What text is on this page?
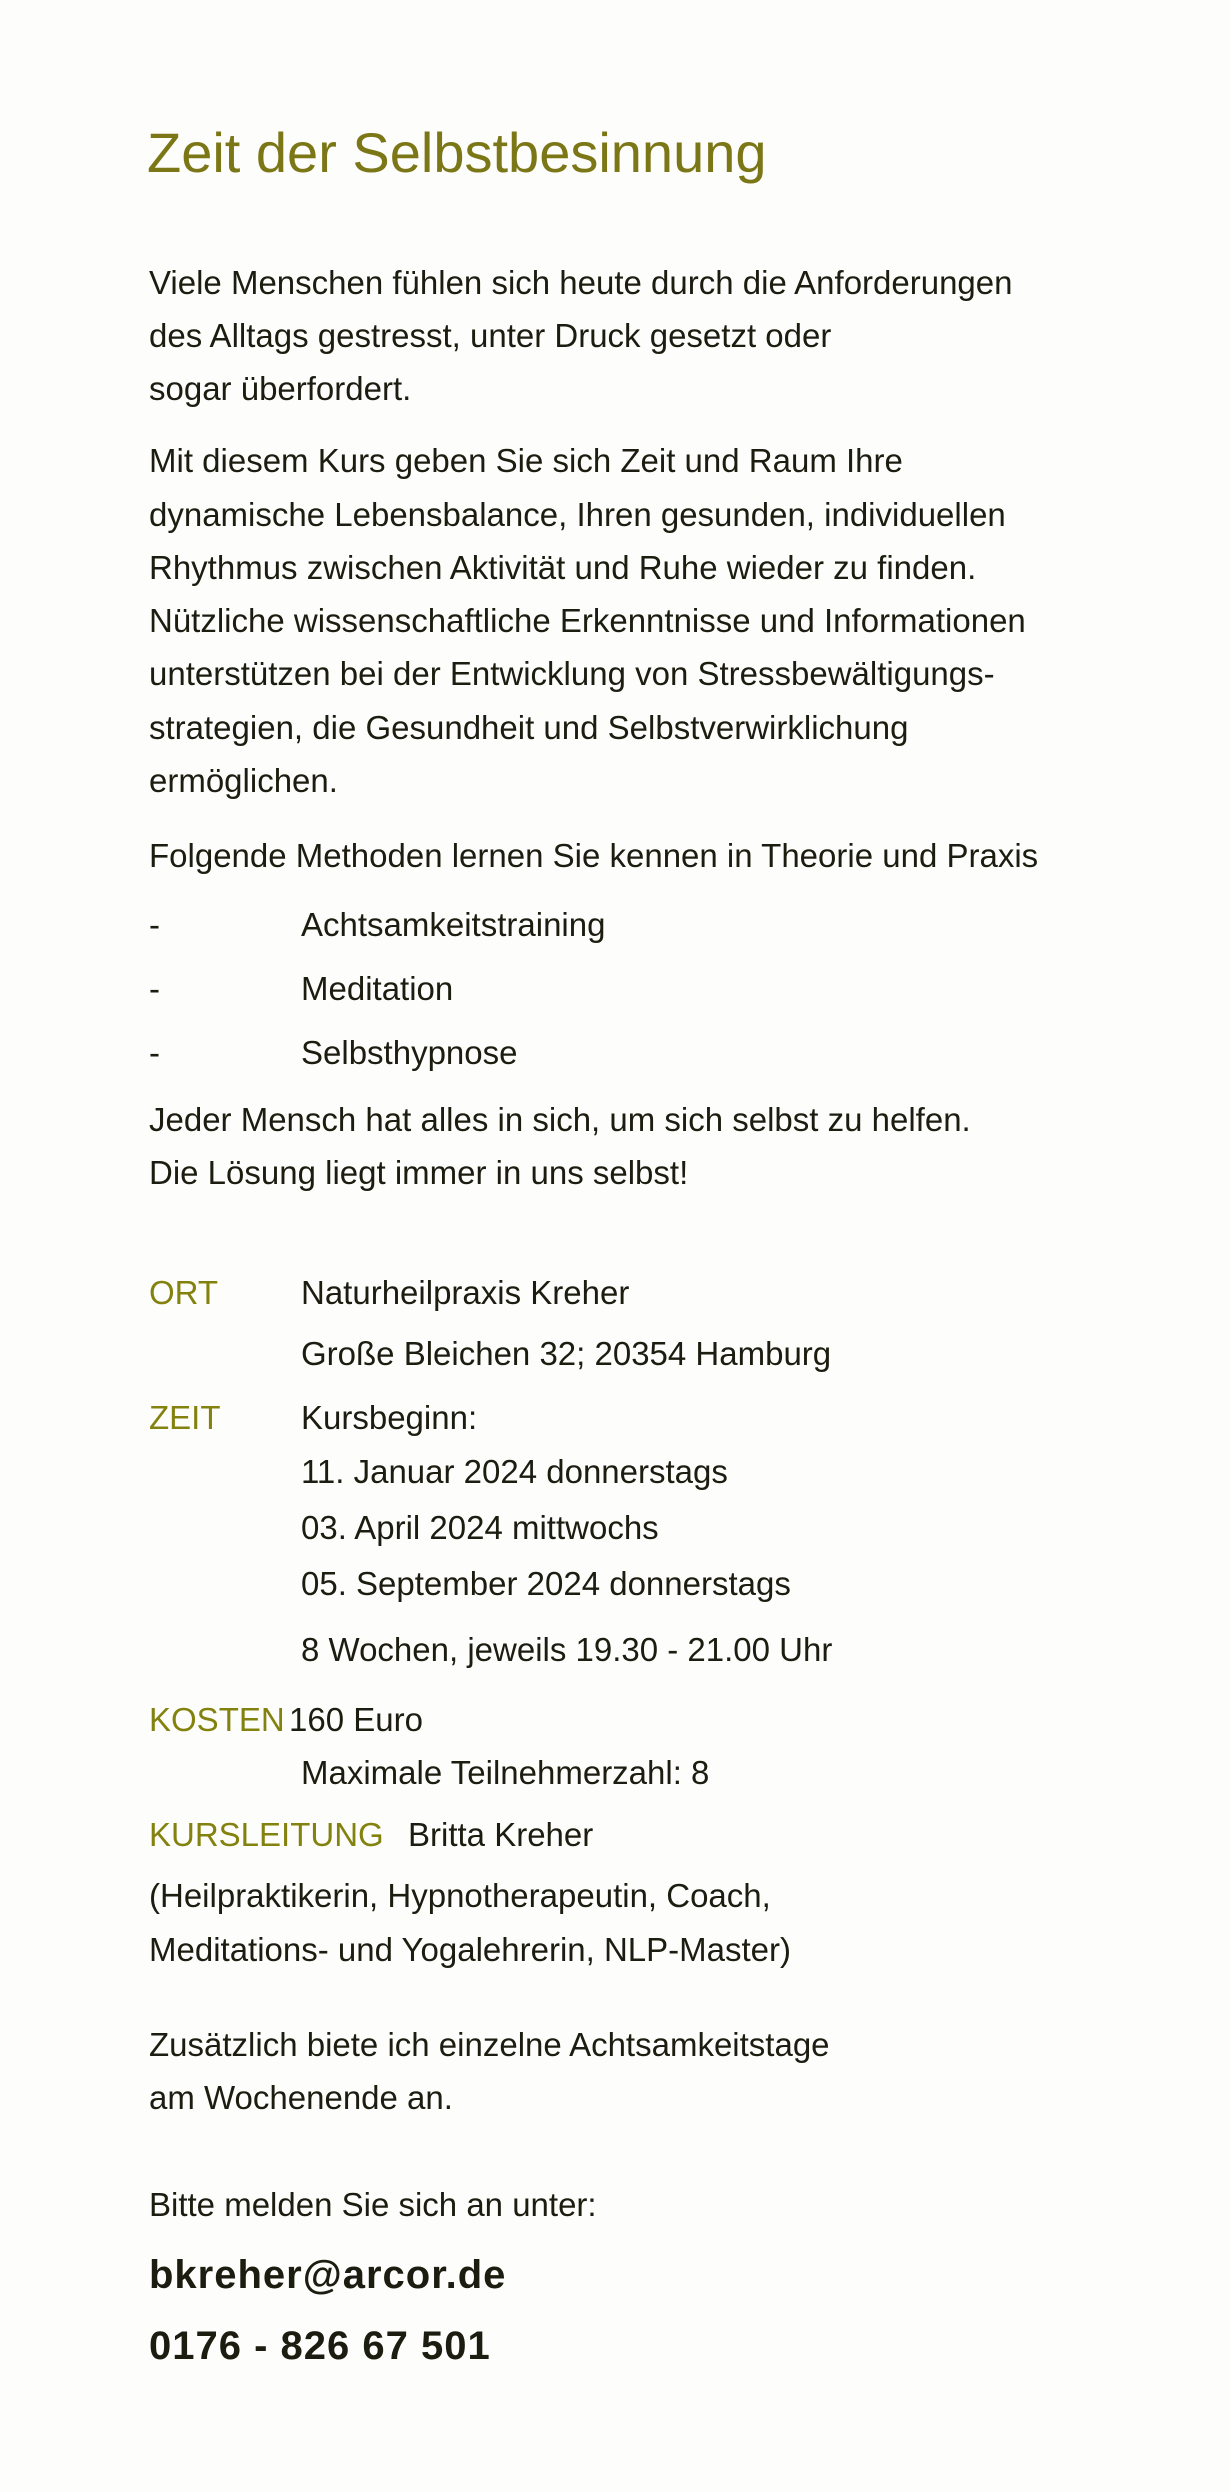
Zeit der Selbstbesinnung
Viele Menschen fühlen sich heute durch die Anforderungen
des Alltags gestresst, unter Druck gesetzt oder
sogar überfordert.
Mit diesem Kurs geben Sie sich Zeit und Raum Ihre
dynamische Lebensbalance, Ihren gesunden, individuellen
Rhythmus zwischen Aktivität und Ruhe wieder zu finden.
Nützliche wissenschaftliche Erkenntnisse und Informationen
unterstützen bei der Entwicklung von Stressbewältigungs-
strategien, die Gesundheit und Selbstverwirklichung
ermöglichen.
Folgende Methoden lernen Sie kennen in Theorie und Praxis
-	Achtsamkeitstraining
-	Meditation
-	Selbsthypnose
Jeder Mensch hat alles in sich, um sich selbst zu helfen.
Die Lösung liegt immer in uns selbst!
ORT	Naturheilpraxis Kreher
Große Bleichen 32; 20354 Hamburg
ZEIT Kursbeginn:
11. Januar 2024 donnerstags
03. April 2024 mittwochs
05. September 2024 donnerstags
8 Wochen, jeweils 19.30 - 21.00 Uhr
KOSTEN 160 Euro
Maximale Teilnehmerzahl: 8
KURSLEITUNG Britta Kreher
(Heilpraktikerin, Hypnotherapeutin, Coach,
Meditations- und Yogalehrerin, NLP-Master)
Zusätzlich biete ich einzelne Achtsamkeitstage
am Wochenende an.
Bitte melden Sie sich an unter:
bkreher@arcor.de
0176 - 826 67 501
